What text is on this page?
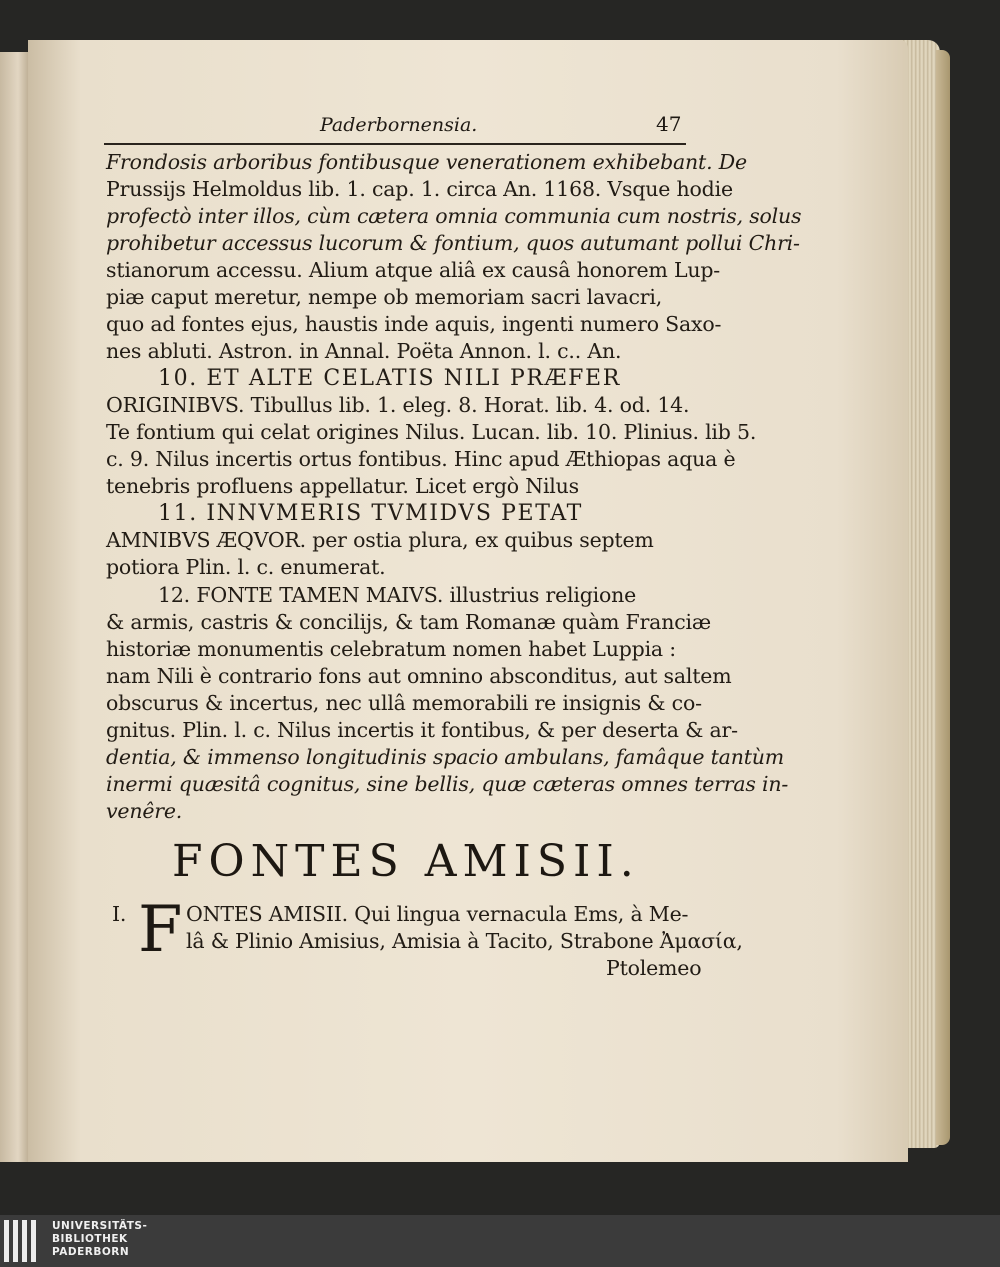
Paderbornensia.	47
Frondosis arboribus fontibusque venerationem exhibebant. De
Prussijs Helmoldus lib. 1. cap. 1. circa An. 1168. Vsque hodie
profectò inter illos, cùm cætera omnia communia cum nostris, solus
prohibetur accessus lucorum & fontium, quos autumant pollui Chri-
stianorum accessu. Alium atque aliâ ex causâ honorem Lup-
piæ caput meretur, nempe ob memoriam sacri lavacri,
quo ad fontes ejus, haustis inde aquis, ingenti numero Saxo-
nes abluti. Astron. in Annal. Poëta Annon. l. c.. An.
10. ET ALTE CELATIS NILI PRÆFER
ORIGINIBVS. Tibullus lib. 1. eleg. 8. Horat. lib. 4. od. 14.
Te fontium qui celat origines Nilus. Lucan. lib. 10. Plinius. lib 5.
c. 9. Nilus incertis ortus fontibus. Hinc apud Æthiopas aqua è
tenebris profluens appellatur. Licet ergò Nilus
11. INNVMERIS TVMIDVS PETAT
AMNIBVS ÆQVOR. per ostia plura, ex quibus septem
potiora Plin. l. c. enumerat.
12. FONTE TAMEN MAIVS. illustrius religione
& armis, castris & concilijs, & tam Romanæ quàm Franciæ
historiæ monumentis celebratum nomen habet Luppia :
nam Nili è contrario fons aut omnino absconditus, aut saltem
obscurus & incertus, nec ullâ memorabili re insignis & co-
gnitus. Plin. l. c. Nilus incertis it fontibus, & per deserta & ar-
dentia, & immenso longitudinis spacio ambulans, famâque tantùm
inermi quæsitâ cognitus, sine bellis, quæ cæteras omnes terras in-
venêre.
FONTES AMISII.
I. F ONTES AMISII. Qui lingua vernacula Ems, à Me-
lâ & Plinio Amisius, Amisia à Tacito, Strabone Ἀμασία,
Ptolemeo
UNIVERSITÄTS-
BIBLIOTHEK
PADERBORN
